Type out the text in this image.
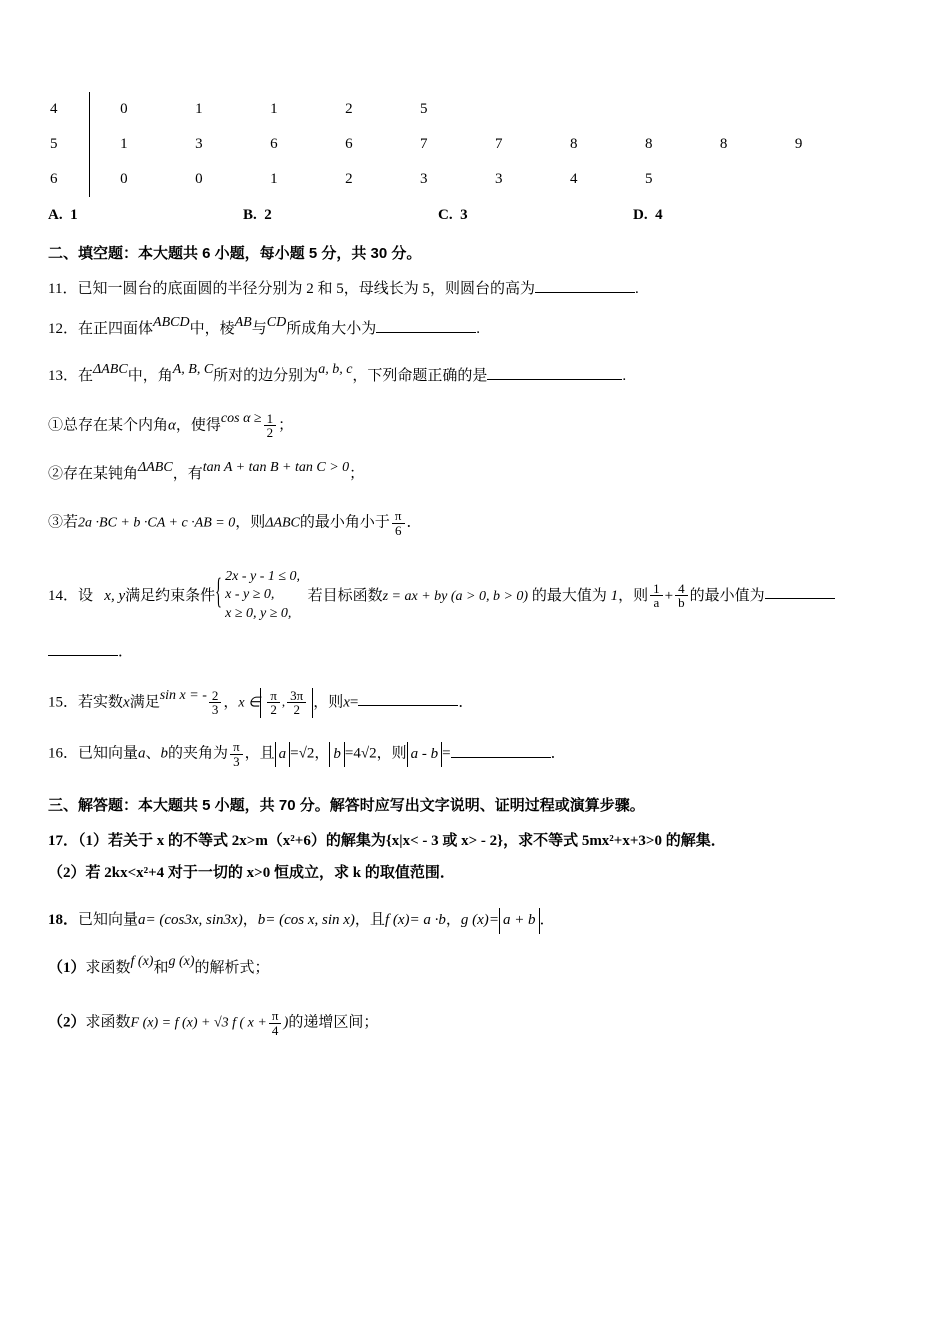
4	0	1	1	2	5					
5	1	3	6	6	7	7	8	8	8	9
6	0	0	1	2	3	3	4	5		
A. 1	B. 2	C. 3	D. 4
二、填空题：本大题共 6 小题，每小题 5 分，共 30 分。
11．已知一圆台的底面圆的半径分别为 2 和 5，母线长为 5，则圆台的高为	.
12．在正四面体ABCD中，棱AB与CD所成角大小为	.
13．在ΔABC中，角A, B, C所对的边分别为a, b, c，下列命题正确的是	.
①总存在某个内角α，使得$\cos \alpha \ge \frac{1}{2}$ ；
②存在某钝角ΔABC，有tan A + tan B + tan C > 0；
③若2a ·BC + b ·CA + c ·AB = 0，则ΔABC的最小角小于 $\frac{\pi}{6}$ ．
14．设 x, y满足约束条件
{ 2x - y - 1 ≤ 0,
x - y ≥ 0,
x ≥ 0, y ≥ 0,
若目标函数z = ax + by (a > 0, b > 0) 的最大值为 1，则 $\frac{1}{a} + \frac{4}{b}$ 的最小值为
．
15．若实数x满足sin x = - $\frac{2}{3}$ ，x ∈ $\frac{\pi}{2}$ , $\frac{3\pi}{2}$ ，则x=	．
16．已知向量a、b的夹角为 $\frac{\pi}{3}$ ，且 a =√2， b =4√2，则 a - b =	．
三、解答题：本大题共 5 小题，共 70 分。解答时应写出文字说明、证明过程或演算步骤。
17．（1）若关于 x 的不等式 2x>m（x²+6）的解集为{x|x< - 3 或 x> - 2}，求不等式 5mx²+x+3>0 的解集．
（2）若 2kx<x²+4 对于一切的 x>0 恒成立，求 k 的取值范围．
18．已知向量a= (cos3x, sin3x)，b= (cos x, sin x)，且f (x)= a ·b，g (x)= a + b ．
（1）求函数f (x)和g (x)的解析式；
（2）求函数F (x) = f (x) + √3 f ( $x + \frac{\pi}{4}$ )的递增区间；
